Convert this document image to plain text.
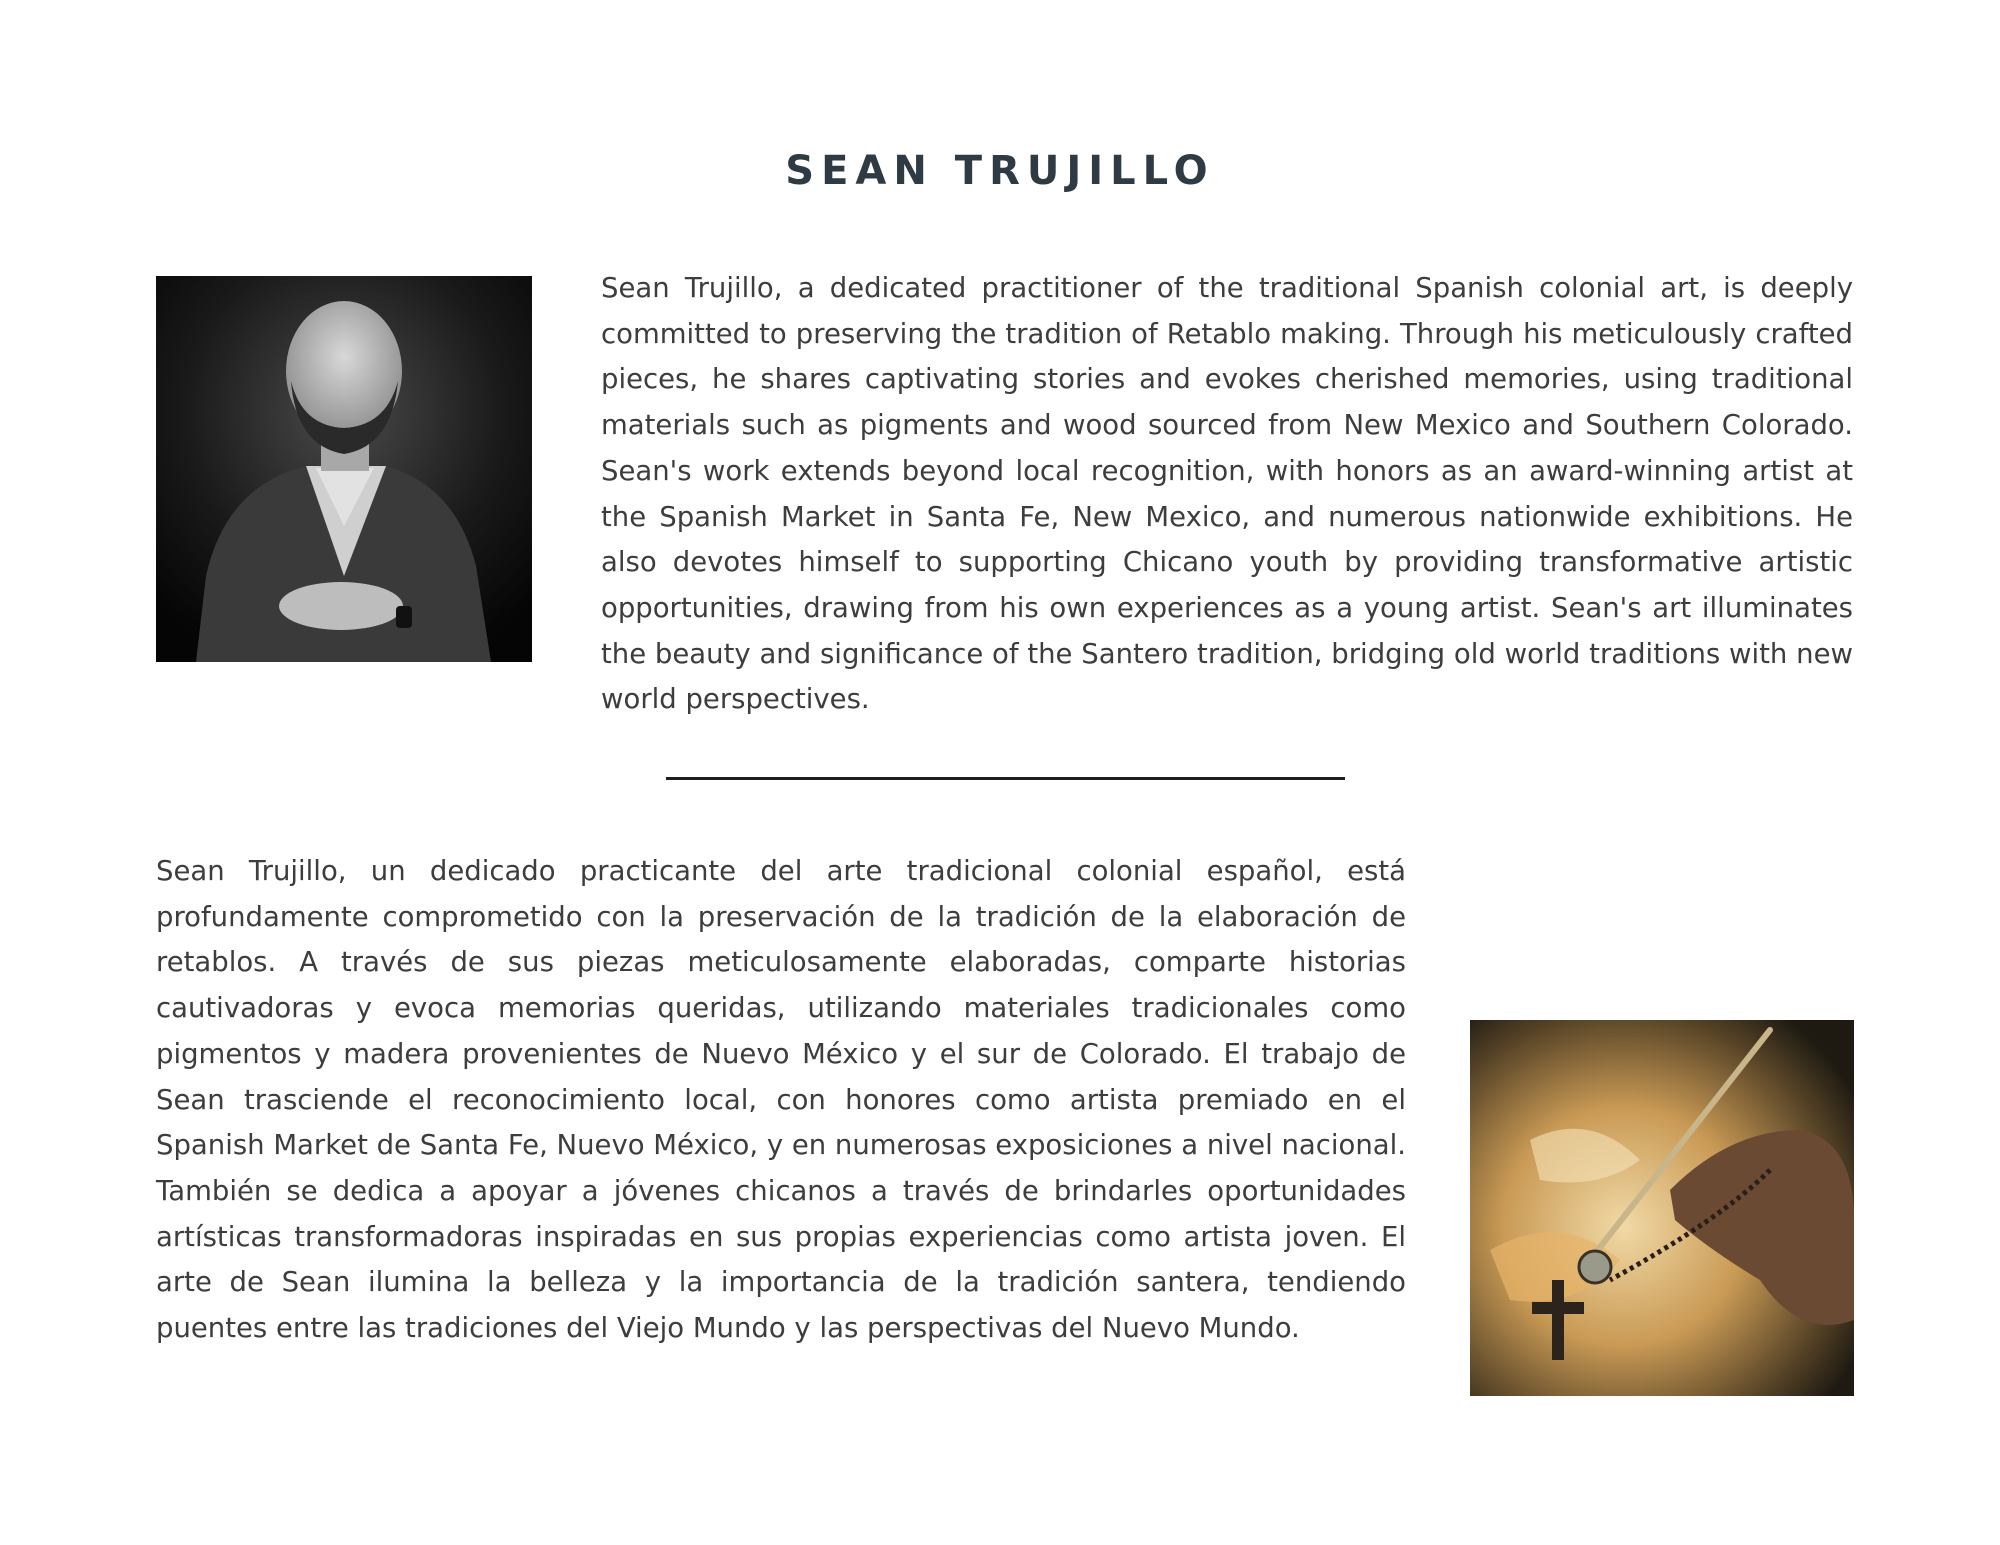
SEAN TRUJILLO

Sean Trujillo, a dedicated practitioner of the traditional Spanish colonial art, is deeply committed to preserving the tradition of Retablo making. Through his meticulously crafted pieces, he shares captivating stories and evokes cherished memories, using traditional materials such as pigments and wood sourced from New Mexico and Southern Colorado. Sean's work extends beyond local recognition, with honors as an award-winning artist at the Spanish Market in Santa Fe, New Mexico, and numerous nationwide exhibitions. He also devotes himself to supporting Chicano youth by providing transformative artistic opportunities, drawing from his own experiences as a young artist. Sean's art illuminates the beauty and significance of the Santero tradition, bridging old world traditions with new world perspectives.

Sean Trujillo, un dedicado practicante del arte tradicional colonial español, está profundamente comprometido con la preservación de la tradición de la elaboración de retablos. A través de sus piezas meticulosamente elaboradas, comparte historias cautivadoras y evoca memorias queridas, utilizando materiales tradicionales como pigmentos y madera provenientes de Nuevo México y el sur de Colorado. El trabajo de Sean trasciende el reconocimiento local, con honores como artista premiado en el Spanish Market de Santa Fe, Nuevo México, y en numerosas exposiciones a nivel nacional. También se dedica a apoyar a jóvenes chicanos a través de brindarles oportunidades artísticas transformadoras inspiradas en sus propias experiencias como artista joven. El arte de Sean ilumina la belleza y la importancia de la tradición santera, tendiendo puentes entre las tradiciones del Viejo Mundo y las perspectivas del Nuevo Mundo.
